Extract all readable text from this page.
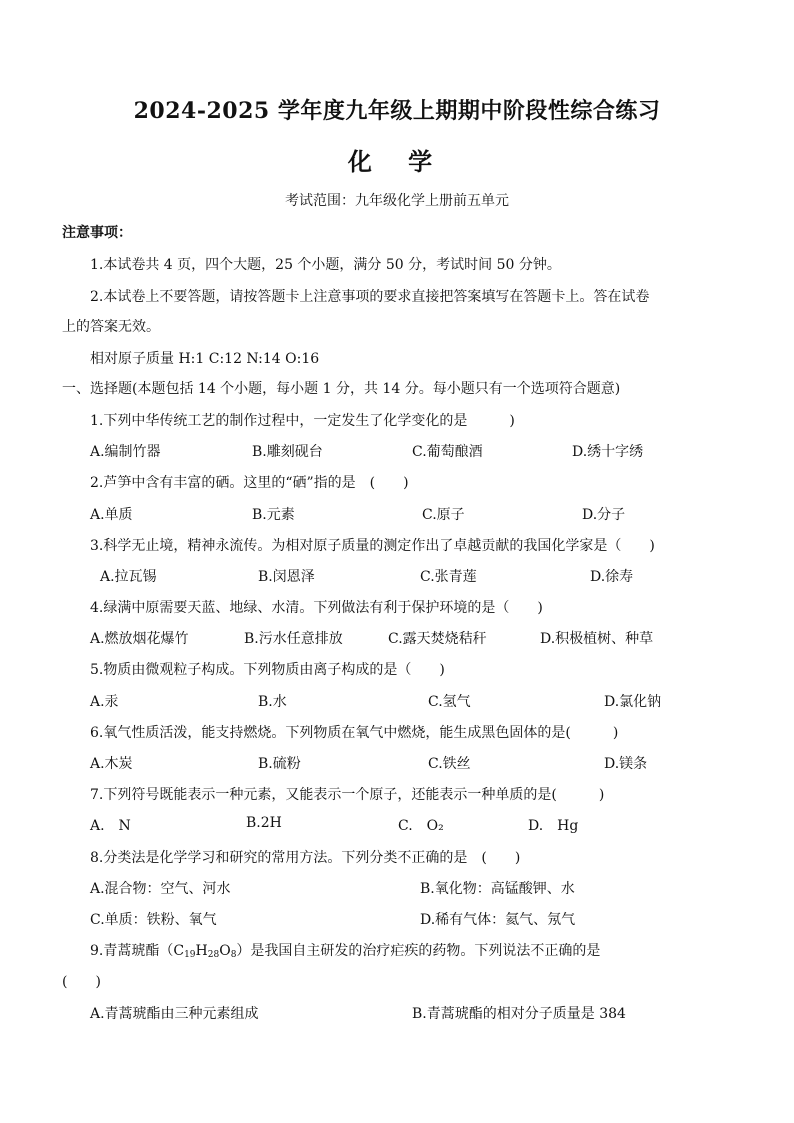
2024-2025 学年度九年级上期期中阶段性综合练习
化 学
考试范围：九年级化学上册前五单元
注意事项：
1.本试卷共 4 页，四个大题，25 个小题，满分 50 分，考试时间 50 分钟。
2.本试卷上不要答题，请按答题卡上注意事项的要求直接把答案填写在答题卡上。答在试卷
上的答案无效。
相对原子质量 H:1 C:12 N:14 O:16
一、选择题(本题包括 14 个小题，每小题 1 分，共 14 分。每小题只有一个选项符合题意)
1.下列中华传统工艺的制作过程中，一定发生了化学变化的是　　　)
A.编制竹器	B.雕刻砚台	C.葡萄酿酒	D.绣十字绣
2.芦笋中含有丰富的硒。这里的“硒”指的是　(　　)
A.单质	B.元素	C.原子	D.分子
3.科学无止境，精神永流传。为相对原子质量的测定作出了卓越贡献的我国化学家是（　　)
A.拉瓦锡	B.闵恩泽	C.张青莲	D.徐寿
4.绿满中原需要天蓝、地绿、水清。下列做法有利于保护环境的是（　　)
A.燃放烟花爆竹	B.污水任意排放	C.露天焚烧秸秆	D.积极植树、种草
5.物质由微观粒子构成。下列物质由离子构成的是（　　)
A.汞	B.水	C.氢气	D.氯化钠
6.氧气性质活泼，能支持燃烧。下列物质在氧气中燃烧，能生成黑色固体的是(　　　)
A.木炭	B.硫粉	C.铁丝	D.镁条
7.下列符号既能表示一种元素，又能表示一个原子，还能表示一种单质的是(　　　)
A.　N	B.2H	C.　O₂	D.　Hg
8.分类法是化学学习和研究的常用方法。下列分类不正确的是　(　　)
A.混合物：空气、河水	B.氧化物：高锰酸钾、水
C.单质：铁粉、氧气	D.稀有气体：氦气、氖气
9.青蒿琥酯$(C_{19}H_{28}O_8)$是我国自主研发的治疗疟疾的药物。下列说法不正确的是
(　　)
A.青蒿琥酯由三种元素组成	B.青蒿琥酯的相对分子质量是 384
